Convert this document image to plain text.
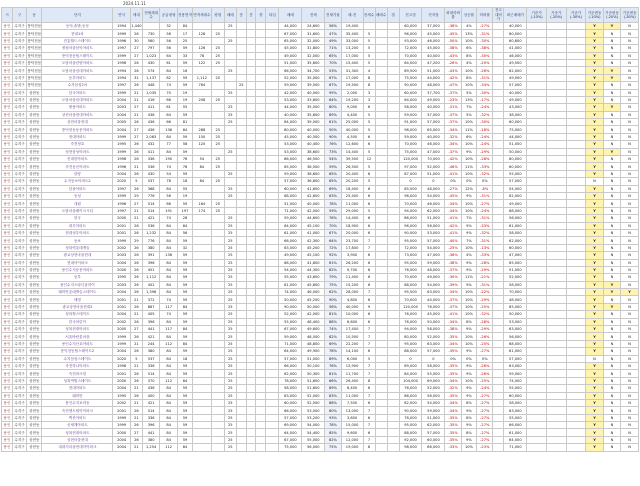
2024.11.11
시	구	동	단지	연식	세대	전체세대수	공급평형	전용면적	면적세대수	평형	매매	층	층	향	타입	매매	전세	전세가율	매-전	전세수	매매수	갭	전고점	전저점	최대하락률	상승률	하락률	전고대비가	최근매매가	기준가(-10%)	기준가(-20%)	기준가(-30%)	기준변동(-10%)	기준변동(-20%)	기준변동(-30%)
용인	수지구	풍덕천동	동아,솔밭,동문	1994	1,440		32	84			25					44,000	24,600	56%	19,400				60,000	37,000	-38%	4%	-27%		40,000				Y	Y	N
용인	수지구	풍덕천동	현대1차	1999	26	730	56	17	128	25						67,000	31,600	47%	35,400	5			96,000	45,000	-45%	13%	-31%		60,000				Y	N	N
용인	수지구	풍덕천동	진흥월드스테이트	1996	30	560	56	25			25					65,000	32,000	49%	33,000	5			93,000	46,000	-50%	10%	-30%		60,800				Y	N	N
용인	수지구	풍덕천동	정평마을삼익아파트	1997	27	797	56	59	126	25						45,000	31,800	71%	13,200	5			72,000	45,000	-38%	6%	-38%		41,000				Y	N	N
용인	수지구	풍덕천동	풍덕천동힐스테이트	1999	27	1,023	64	33	78	25						49,000	32,000	65%	17,000	5			70,000	40,000	-43%	8%	-30%		46,000				Y	N	N
용인	수지구	풍덕천동	도담마을한양아파트	1996	26	430	61	59	122	25						51,000	35,600	70%	15,400	5			64,000	47,200	-26%	4%	-20%		49,500				Y	N	N
용인	수지구	풍덕천동	도담마을임대아파트	1994	26	574	84	16			25					66,000	34,700	53%	31,300	4			89,500	51,000	-43%	10%	-26%		62,000				Y	Y	N
용인	수지구	풍덕천동	동부아파트	1994	31	1,137	82	59	1,112	25						52,000	35,000	67%	17,000	8			75,500	44,000	-42%	8%	-31%		49,000				Y	Y	N
용인	수지구	풍덕천동	수지삼성2차	1997	26	448	74	59	764			25				59,000	39,500	67%	19,500	8			90,000	48,000	-47%	10%	-34%		57,000				Y	N	N
용인	수지구	상현동	한국아파트	1999	21	1,035	70	19			25					42,000	40,000	95%	2,000	3			60,000	37,700	-37%	5%	-30%		40,000				Y	N	N
용인	수지구	상현동	도담마을임대아파트	2004	21	416	66	19	208	25						53,000	33,800	64%	19,200	3			64,000	49,000	-23%	13%	-17%		49,000				Y	N	N
용인	수지구	상현동	쌍용아파트	2003	27	411	61	55			25					44,000	35,000	80%	9,000	6			58,000	40,000	-31%	7%	-24%		43,000				Y	Y	N
용인	수지구	상현동	상현마을현대아파트	2004	21	438	64	59			25					40,000	35,600	89%	4,400	5			59,000	37,000	-37%	5%	-32%		38,000				Y	N	N
용인	수지구	상현동	상현마을현대	2005	26	436	66	81			25					64,000	39,000	61%	25,000	5			91,000	57,000	-37%	10%	-30%		60,000				Y	N	N
용인	수지구	상현동	풍덕천동동문아파트	2004	27	436	136	84	288	25						80,000	40,000	50%	40,000	5			98,000	65,000	-34%	11%	-18%		75,000				Y	N	N
용인	수지구	상현동	현대아파트	1999	27	2,063	84	59	150	25						45,000	40,500	90%	4,500	6			59,000	40,000	-32%	6%	-24%		44,000				Y	N	N
용인	수지구	상현동	죽전정호	1995	26	432	77	58	120	25						53,000	40,400	76%	12,600	6			70,000	46,000	-34%	10%	-24%		51,000				Y	N	N
용인	수지구	상현동	성현삼성아파트	1999	26	411	84	59			25					53,000	38,600	73%	14,400	5			75,000	47,000	-37%	9%	-29%		50,000				Y	Y	N
용인	수지구	상현동	신대한아파트	1996	26	336	190	76	54	25						86,000	46,500	54%	39,500	12			120,000	70,000	-42%	10%	-28%		80,000				Y	N	N
용인	수지구	상현동	죽전동신아파트	1996	21	536	74	76	84	25						65,000	38,500	59%	26,500	5			97,000	52,000	-46%	11%	-33%		60,000				Y	N	N
용인	수지구	상현동	한양	2004	26	430	54	59			25					59,000	38,600	65%	20,400	6			87,000	51,000	-41%	10%	-32%		55,000				Y	N	N
용인	수지구	상현동	수지동보아파트2	2020	5	537	78	18	84	25						57,000	36,800	65%	20,200	5			0	0	0%	0%	0%		57,000				N	N	N
용인	수지구	상현동	한솔아파트	1997	26	368	84	55			25					60,000	41,600	69%	18,400	6			65,500	48,000	-27%	12%	-8%		54,000				Y	N	N
용인	수지구	상현동	동성	1999	29	776	56	19			25					68,000	42,600	63%	25,400	6			98,000	54,000	-45%	9%	-31%		62,000				Y	N	N
용인	수지구	상현동	대림	1996	27	514	66	59	164	25						51,000	40,000	78%	11,000	6			70,000	46,000	-34%	10%	-27%		49,000				Y	N	N
용인	수지구	상현동	도담마을레이크시티	1997	21	514	191	197	174	25						71,000	42,000	59%	29,000	5			94,000	62,000	-34%	10%	-24%		68,000				Y	N	N
용인	수지구	상현동	한국	2000	21	421	74	28			25					59,000	44,600	76%	14,400	6			86,000	51,000	-41%	7%	-31%		56,000				Y	N	N
용인	수지구	상현동	대우아파트	2001	26	536	84	84			25					64,000	45,100	70%	18,900	6			96,000	56,000	-42%	9%	-33%		61,000				Y	N	N
용인	수지구	상현동	현대성우아파트	2001	26	1,232	84	56			25					61,000	41,000	67%	20,000	6			90,000	53,000	-41%	9%	-32%		58,000				Y	N	N
용인	수지구	상현동	동보	1999	29	776	84	59			25					66,000	42,300	64%	23,700	7			95,000	57,000	-40%	7%	-31%		62,000				Y	N	N
용인	수지구	상현동	성복역롯데캐슬	2002	26	380	84	32			25					63,000	45,200	72%	17,800	7			72,000	54,000	-25%	10%	-13%		60,000				Y	N	N
용인	수지구	상현동	광교상현마을현대	2003	26	391	136	59			25					49,000	45,100	92%	3,900	6			73,000	47,000	-36%	4%	-33%		47,000				Y	N	N
용인	수지구	상현동	현대아이파크	2004	26	396	84	59			25					68,000	41,800	61%	26,200	6			95,000	59,000	-38%	9%	-28%		65,000				Y	N	N
용인	수지구	상현동	용인수지동문아파트	2000	26	451	84	59			25					54,000	44,300	82%	9,700	6			76,500	48,000	-37%	9%	-29%		51,000				Y	N	N
용인	수지구	상현동	동부	1995	26	1,112	84	59			25					55,000	43,600	79%	11,400	6			70,000	49,000	-30%	11%	-21%		52,000				Y	N	N
용인	수지구	상현동	용인수지스타디움하이	2003	26	452	84	59			25					61,000	45,800	75%	15,200	6			88,000	54,000	-39%	9%	-31%		58,000				Y	Y	N
용인	수지구	상현동	래미안롯데캐슬스테이트	2004	26	1,398	84	59			25					74,000	46,000	62%	28,000	7			95,500	63,000	-34%	10%	-22%		70,000				Y	Y	Y
용인	수지구	상현동	태영	2001	21	372	74	59			25					50,000	45,200	90%	4,800	6			70,000	44,000	-37%	10%	-29%		48,000				Y	N	N
용인	수지구	상현동	광교상현마을현대2	2001	26	867	117	84			25					90,000	50,000	56%	40,000	9			120,000	76,000	-37%	10%	-25%		85,000				Y	Y	N
용인	수지구	상현동	성복힐스테이트	2004	21	405	74	59			25					52,000	42,000	81%	10,000	6			76,000	45,000	-41%	10%	-32%		50,000				Y	N	N
용인	수지구	상현동	한국어린이	2002	26	396	84	59			25					55,000	48,400	88%	6,600	6			76,000	50,000	-34%	8%	-28%		53,000				Y	N	N
용인	수지구	상현동	성복현대아파트	2000	27	441	117	84			25					67,000	49,600	74%	17,400	7			94,000	58,000	-38%	9%	-29%		63,000				Y	N	N
용인	수지구	상현동	서울바람꽃마을	1999	26	421	84	59			25					59,000	48,500	82%	10,500	7			80,000	52,000	-35%	10%	-26%		56,000				Y	N	N
용인	수지구	상현동	용인수지산호아파트	1999	21	244	112	84			25					71,000	48,800	69%	22,200	7			95,000	63,000	-34%	10%	-25%		68,000				Y	N	N
용인	수지구	상현동	풍덕천동힐스테이트2	2004	26	380	84	59			25					64,000	49,900	78%	14,100	6			88,000	57,000	-35%	9%	-27%		61,000				Y	N	N
용인	수지구	상현동	수지삼성스테이트	2020	5	537	84	18			25					57,000	51,000	89%	6,000	5			0	0	0%	0%	0%		57,000				N	N	N
용인	수지구	상현동	죽전하나아파트	1998	21	336	84	59			25					66,000	50,100	76%	15,900	7			89,000	58,000	-35%	9%	-26%		63,000				Y	N	N
용인	수지구	상현동	죽전파크빌	2001	26	514	84	59			25					62,000	50,300	81%	11,700	7			84,000	55,000	-35%	9%	-26%		59,000				Y	N	N
용인	수지구	상현동	성복역힐스테이트	2000	26	370	112	84			25					78,000	51,600	66%	26,400	8			104,000	69,000	-34%	10%	-25%		74,000				Y	N	N
용인	수지구	상현동	현대아파트	2004	21	436	84	59			25					58,000	51,600	89%	6,400	6			76,000	52,000	-32%	9%	-24%		55,000				Y	N	N
용인	수지구	상현동	래미안	1995	26	400	84	59			25					63,000	52,000	83%	11,000	7			86,000	56,000	-35%	9%	-27%		60,000				Y	N	N
용인	수지구	상현동	용인수지보라동	2002	21	421	84	59			25					60,000	52,500	88%	7,500	6			82,000	54,000	-34%	8%	-27%		58,000				Y	N	N
용인	수지구	상현동	죽전센트럴아이파크	2001	26	514	84	59			25					66,000	53,000	80%	13,000	7			90,000	59,000	-34%	9%	-27%		63,000				Y	N	N
용인	수지구	상현동	벽산아파트	1999	21	336	84	59			25					57,000	53,200	93%	3,800	6			78,000	51,000	-35%	8%	-27%		55,000				Y	N	N
용인	수지구	상현동	신세계아파트	1999	26	396	84	59			25					69,000	54,000	78%	15,000	7			95,000	62,000	-35%	9%	-27%		66,000				Y	N	N
용인	수지구	상현동	성복현대아파트	2000	27	441	84	59			25					64,000	54,400	85%	9,600	6			88,000	57,000	-35%	8%	-27%		61,000				Y	N	N
용인	수지구	상현동	상현마을현대	2004	26	380	84	59			25					67,000	55,000	82%	12,000	7			92,000	60,000	-35%	9%	-27%		64,000				Y	N	N
용인	수지구	상현동	내대지마을현대아이파크	2004	21	1,254	112	84			25					75,000	56,000	75%	19,000	8			98,000	66,000	-33%	10%	-23%		71,000				Y	N	N
